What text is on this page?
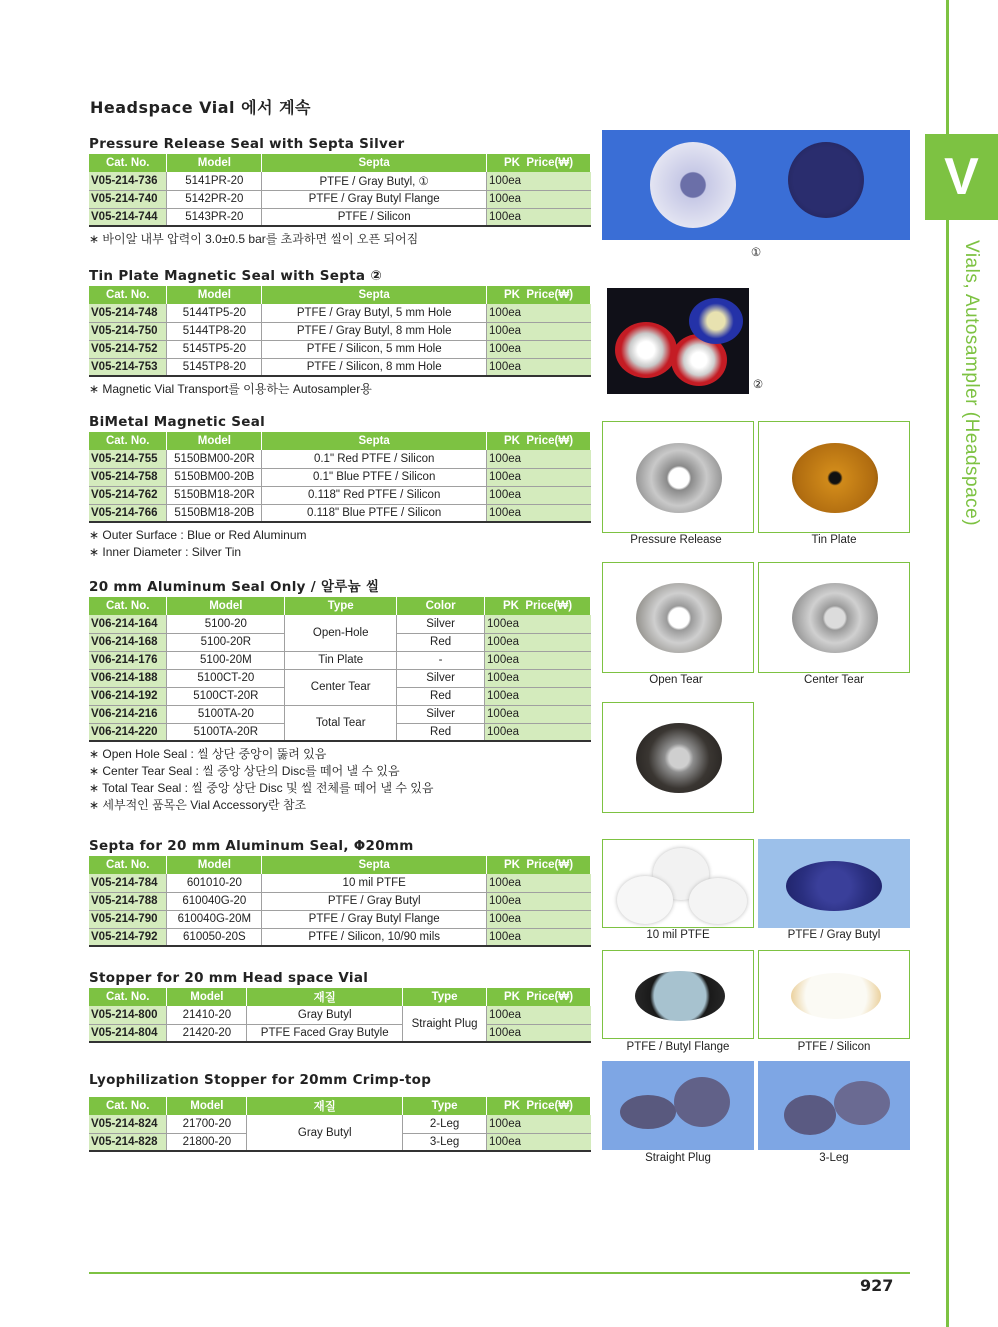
V
Vials, Autosampler (Headspace)
Headspace Vial 에서 계속
Pressure Release Seal with Septa Silver
Cat. No.	Model	Septa	PK Price(₩)
V05-214-736	5141PR-20	PTFE / Gray Butyl, ①	100ea
V05-214-740	5142PR-20	PTFE / Gray Butyl Flange	100ea
V05-214-744	5143PR-20	PTFE / Silicon	100ea
∗ 바이알 내부 압력이 3.0±0.5 bar를 초과하면 씰이 오픈 되어짐
Tin Plate Magnetic Seal with Septa ②
Cat. No.	Model	Septa	PK Price(₩)
V05-214-748	5144TP5-20	PTFE / Gray Butyl, 5 mm Hole	100ea
V05-214-750	5144TP8-20	PTFE / Gray Butyl, 8 mm Hole	100ea
V05-214-752	5145TP5-20	PTFE / Silicon, 5 mm Hole	100ea
V05-214-753	5145TP8-20	PTFE / Silicon, 8 mm Hole	100ea
∗ Magnetic Vial Transport를 이용하는 Autosampler용
BiMetal Magnetic Seal
Cat. No.	Model	Septa	PK Price(₩)
V05-214-755	5150BM00-20R	0.1" Red PTFE / Silicon	100ea
V05-214-758	5150BM00-20B	0.1" Blue PTFE / Silicon	100ea
V05-214-762	5150BM18-20R	0.118" Red PTFE / Silicon	100ea
V05-214-766	5150BM18-20B	0.118" Blue PTFE / Silicon	100ea
∗ Outer Surface : Blue or Red Aluminum
∗ Inner Diameter : Silver Tin
20 mm Aluminum Seal Only / 알루늄 씰
Cat. No.	Model	Type	Color	PK Price(₩)
V06-214-164	5100-20	Open-Hole	Silver	100ea
V06-214-168	5100-20R		Red	100ea
V06-214-176	5100-20M	Tin Plate	-	100ea
V06-214-188	5100CT-20	Center Tear	Silver	100ea
V06-214-192	5100CT-20R		Red	100ea
V06-214-216	5100TA-20	Total Tear	Silver	100ea
V06-214-220	5100TA-20R		Red	100ea
∗ Open Hole Seal : 씰 상단 중앙이 뚫려 있음
∗ Center Tear Seal : 씰 중앙 상단의 Disc를 떼어 낼 수 있음
∗ Total Tear Seal : 씰 중앙 상단 Disc 및 씰 전체를 떼어 낼 수 있음
∗ 세부적인 품목은 Vial Accessory란 참조
Septa for 20 mm Aluminum Seal, Φ20mm
Cat. No.	Model	Septa	PK Price(₩)
V05-214-784	601010-20	10 mil PTFE	100ea
V05-214-788	610040G-20	PTFE / Gray Butyl	100ea
V05-214-790	610040G-20M	PTFE / Gray Butyl Flange	100ea
V05-214-792	610050-20S	PTFE / Silicon, 10/90 mils	100ea
Stopper for 20 mm Head space Vial
Cat. No.	Model	재질	Type	PK Price(₩)
V05-214-800	21410-20	Gray Butyl	Straight Plug	100ea
V05-214-804	21420-20	PTFE Faced Gray Butyle		100ea
Lyophilization Stopper for 20mm Crimp-top
Cat. No.	Model	재질	Type	PK Price(₩)
V05-214-824	21700-20	Gray Butyl	2-Leg	100ea
V05-214-828	21800-20		3-Leg	100ea
①
②
Pressure Release	Tin Plate
Open Tear	Center Tear
10 mil PTFE	PTFE / Gray Butyl
PTFE / Butyl Flange	PTFE / Silicon
Straight Plug	3-Leg
927
